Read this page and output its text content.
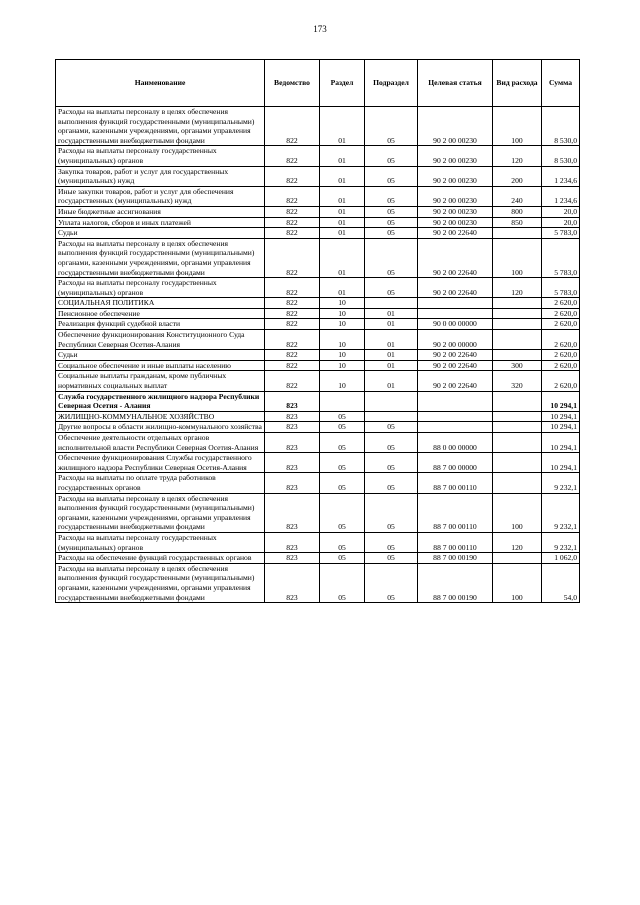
173
Наименование	Ведомство	Раздел	Подраздел	Целевая статья	Вид расхода	Сумма
Расходы на выплаты персоналу в целях обеспечения выполнения функций государственными (муниципальными) органами, казенными учреждениями, органами управления государственными внебюджетными фондами	822	01	05	90 2 00 00230	100	8 530,0
Расходы на выплаты персоналу государственных (муниципальных) органов	822	01	05	90 2 00 00230	120	8 530,0
Закупка товаров, работ и услуг для государственных (муниципальных) нужд	822	01	05	90 2 00 00230	200	1 234,6
Иные закупки товаров, работ и услуг для обеспечения государственных (муниципальных) нужд	822	01	05	90 2 00 00230	240	1 234,6
Иные бюджетные ассигнования	822	01	05	90 2 00 00230	800	20,0
Уплата налогов, сборов и иных платежей	822	01	05	90 2 00 00230	850	20,0
Судьи	822	01	05	90 2 00 22640		5 783,0
Расходы на выплаты персоналу в целях обеспечения выполнения функций государственными (муниципальными) органами, казенными учреждениями, органами управления государственными внебюджетными фондами	822	01	05	90 2 00 22640	100	5 783,0
Расходы на выплаты персоналу государственных (муниципальных) органов	822	01	05	90 2 00 22640	120	5 783,0
СОЦИАЛЬНАЯ ПОЛИТИКА	822	10				2 620,0
Пенсионное обеспечение	822	10	01			2 620,0
Реализация функций судебной власти	822	10	01	90 0 00 00000		2 620,0
Обеспечение функционирования Конституционного Суда Республики Северная Осетия-Алания	822	10	01	90 2 00 00000		2 620,0
Судьи	822	10	01	90 2 00 22640		2 620,0
Социальное обеспечение и иные выплаты населению	822	10	01	90 2 00 22640	300	2 620,0
Социальные выплаты гражданам, кроме публичных нормативных социальных выплат	822	10	01	90 2 00 22640	320	2 620,0
Служба государственного жилищного надзора Республики Северная Осетия - Алания	823					10 294,1
ЖИЛИЩНО-КОММУНАЛЬНОЕ ХОЗЯЙСТВО	823	05				10 294,1
Другие вопросы в области жилищно-коммунального хозяйства	823	05	05			10 294,1
Обеспечение деятельности отдельных органов исполнительной власти Республики Северная Осетия-Алания	823	05	05	88 0 00 00000		10 294,1
Обеспечение функционирования Службы государственного жилищного надзора Республики Северная Осетия-Алания	823	05	05	88 7 00 00000		10 294,1
Расходы на выплаты по оплате труда работников государственных органов	823	05	05	88 7 00 00110		9 232,1
Расходы на выплаты персоналу в целях обеспечения выполнения функций государственными (муниципальными) органами, казенными учреждениями, органами управления государственными внебюджетными фондами	823	05	05	88 7 00 00110	100	9 232,1
Расходы на выплаты персоналу государственных (муниципальных) органов	823	05	05	88 7 00 00110	120	9 232,1
Расходы на обеспечение функций государственных органов	823	05	05	88 7 00 00190		1 062,0
Расходы на выплаты персоналу в целях обеспечения выполнения функций государственными (муниципальными) органами, казенными учреждениями, органами управления государственными внебюджетными фондами	823	05	05	88 7 00 00190	100	54,0
